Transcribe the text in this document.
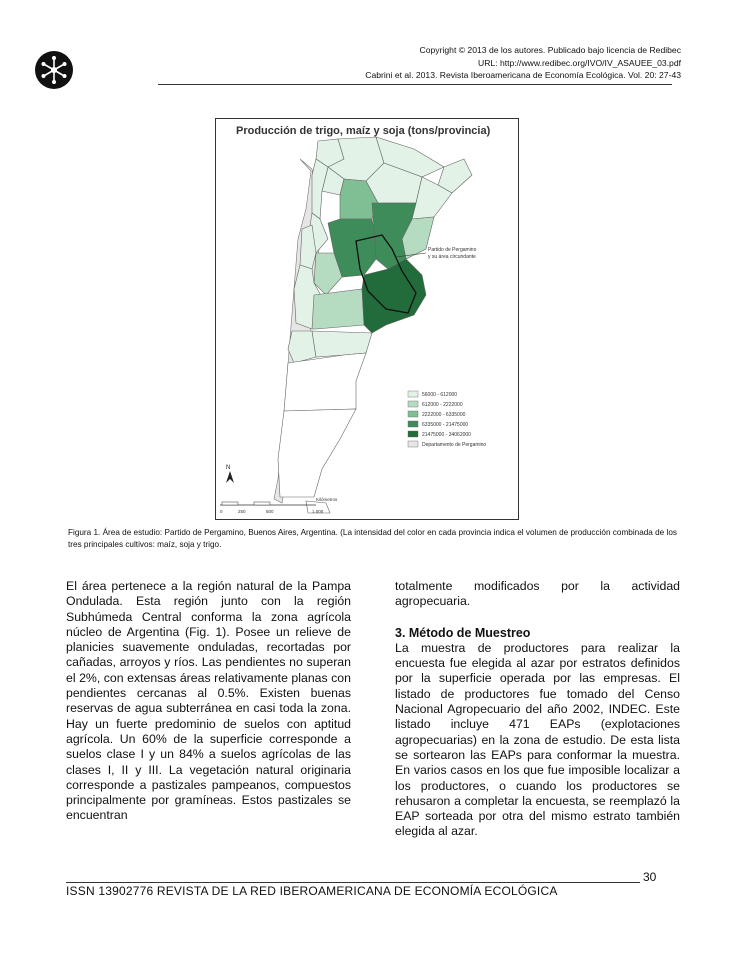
Copyright © 2013 de los autores. Publicado bajo licencia de Redibec
URL: http://www.redibec.org/IVO/IV_ASAUEE_03.pdf
Cabrini et al. 2013. Revista Iberoamericana de Economía Ecológica. Vol. 20: 27-43
Producción de trigo, maíz y soja (tons/provincia)
Partido de Pergamino
y su área circundante
56000 - 612000
612000 - 2222000
2222000 - 6335000
6335000 - 21475000
21475000 - 34062000
Departamento de Pergamino
N
0	250	500	1.000
Kilómetros
Figura 1. Área de estudio: Partido de Pergamino, Buenos Aires, Argentina. (La intensidad del color en cada provincia indica el volumen de producción combinada de los tres principales cultivos: maíz, soja y trigo.

El área pertenece a la región natural de la Pampa Ondulada. Esta región junto con la región Subhúmeda Central conforma la zona agrícola núcleo de Argentina (Fig. 1). Posee un relieve de planicies suavemente onduladas, recortadas por cañadas, arroyos y ríos. Las pendientes no superan el 2%, con extensas áreas relativamente planas con pendientes cercanas al 0.5%. Existen buenas reservas de agua subterránea en casi toda la zona. Hay un fuerte predominio de suelos con aptitud agrícola. Un 60% de la superficie corresponde a suelos clase I y un 84% a suelos agrícolas de las clases I, II y III. La vegetación natural originaria corresponde a pastizales pampeanos, compuestos principalmente por gramíneas. Estos pastizales se encuentran

totalmente modificados por la actividad agropecuaria.

3. Método de Muestreo

La muestra de productores para realizar la encuesta fue elegida al azar por estratos definidos por la superficie operada por las empresas. El listado de productores fue tomado del Censo Nacional Agropecuario del año 2002, INDEC. Este listado incluye 471 EAPs (explotaciones agropecuarias) en la zona de estudio. De esta lista se sortearon las EAPs para conformar la muestra. En varios casos en los que fue imposible localizar a los productores, o cuando los productores se rehusaron a completar la encuesta, se reemplazó la EAP sorteada por otra del mismo estrato también elegida al azar.

30
ISSN 13902776 REVISTA DE LA RED IBEROAMERICANA DE ECONOMÍA ECOLÓGICA
